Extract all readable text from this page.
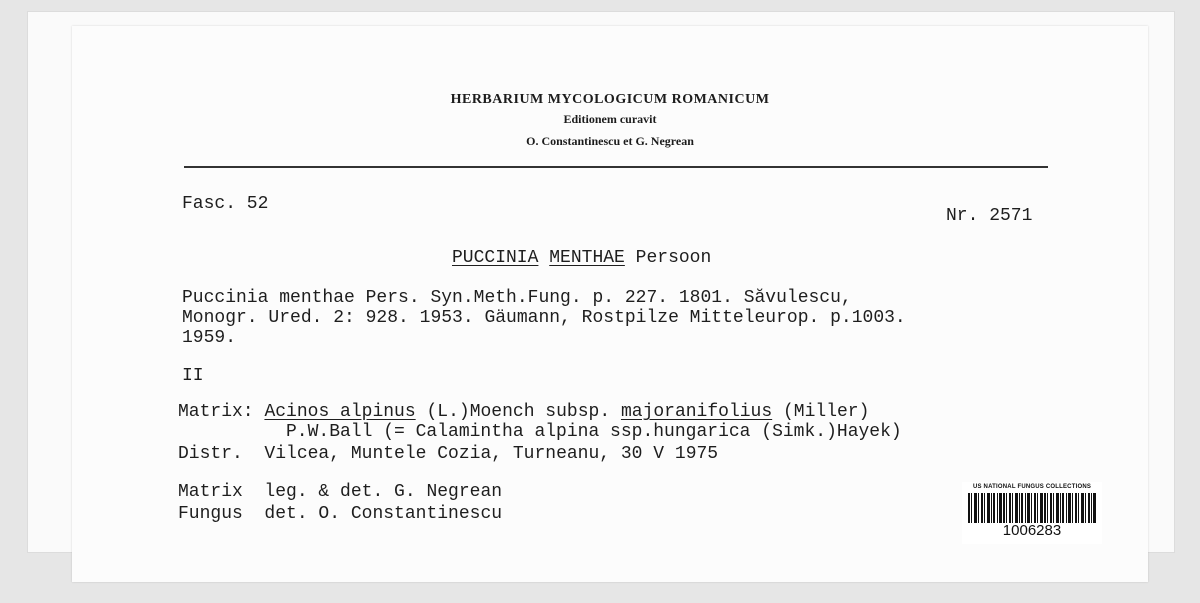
HERBARIUM MYCOLOGICUM ROMANICUM
Editionem curavit
O. Constantinescu et G. Negrean
Fasc. 52
Nr. 2571
PUCCINIA MENTHAE Persoon
Puccinia menthae Pers. Syn.Meth.Fung. p. 227. 1801. Săvulescu,
Monogr. Ured. 2: 928. 1953. Gäumann, Rostpilze Mitteleurop. p.1003.
1959.
II
Matrix: Acinos alpinus (L.)Moench subsp. majoranifolius (Miller)
P.W.Ball (= Calamintha alpina ssp.hungarica (Simk.)Hayek)
Distr. Vilcea, Muntele Cozia, Turneanu, 30 V 1975
Matrix leg. & det. G. Negrean
Fungus det. O. Constantinescu
US NATIONAL FUNGUS COLLECTIONS
1006283
